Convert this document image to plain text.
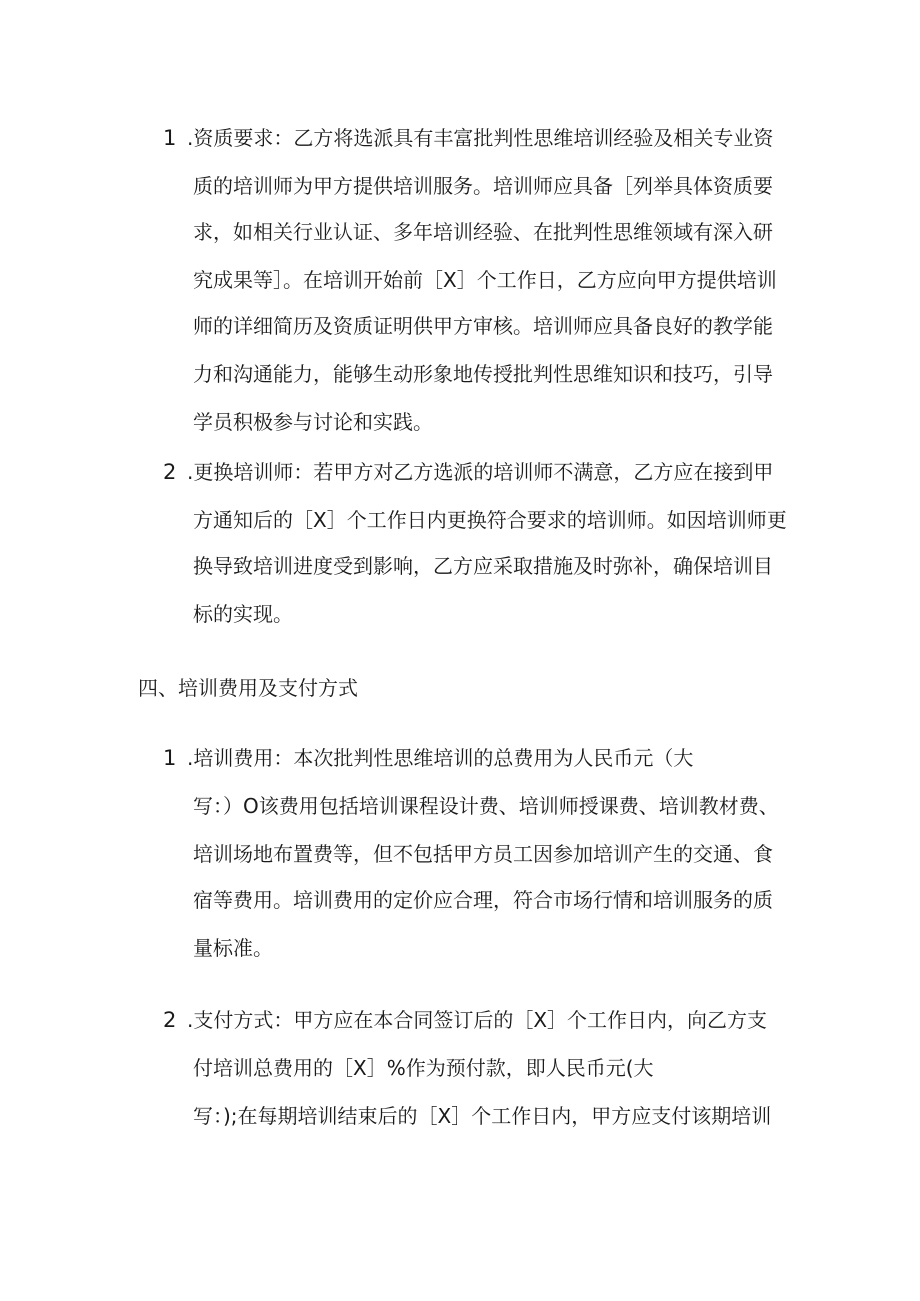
1 .资质要求：乙方将选派具有丰富批判性思维培训经验及相关专业资
质的培训师为甲方提供培训服务。培训师应具备［列举具体资质要
求，如相关行业认证、多年培训经验、在批判性思维领域有深入研
究成果等］。在培训开始前［X］个工作日，乙方应向甲方提供培训
师的详细简历及资质证明供甲方审核。培训师应具备良好的教学能
力和沟通能力，能够生动形象地传授批判性思维知识和技巧，引导
学员积极参与讨论和实践。
2 .更换培训师：若甲方对乙方选派的培训师不满意，乙方应在接到甲
方通知后的［X］个工作日内更换符合要求的培训师。如因培训师更
换导致培训进度受到影响，乙方应采取措施及时弥补，确保培训目
标的实现。
四、培训费用及支付方式
1 .培训费用：本次批判性思维培训的总费用为人民币元（大
写：）O该费用包括培训课程设计费、培训师授课费、培训教材费、
培训场地布置费等，但不包括甲方员工因参加培训产生的交通、食
宿等费用。培训费用的定价应合理，符合市场行情和培训服务的质
量标准。
2 .支付方式：甲方应在本合同签订后的［X］个工作日内，向乙方支
付培训总费用的［X］%作为预付款，即人民币元(大
写：);在每期培训结束后的［X］个工作日内，甲方应支付该期培训
